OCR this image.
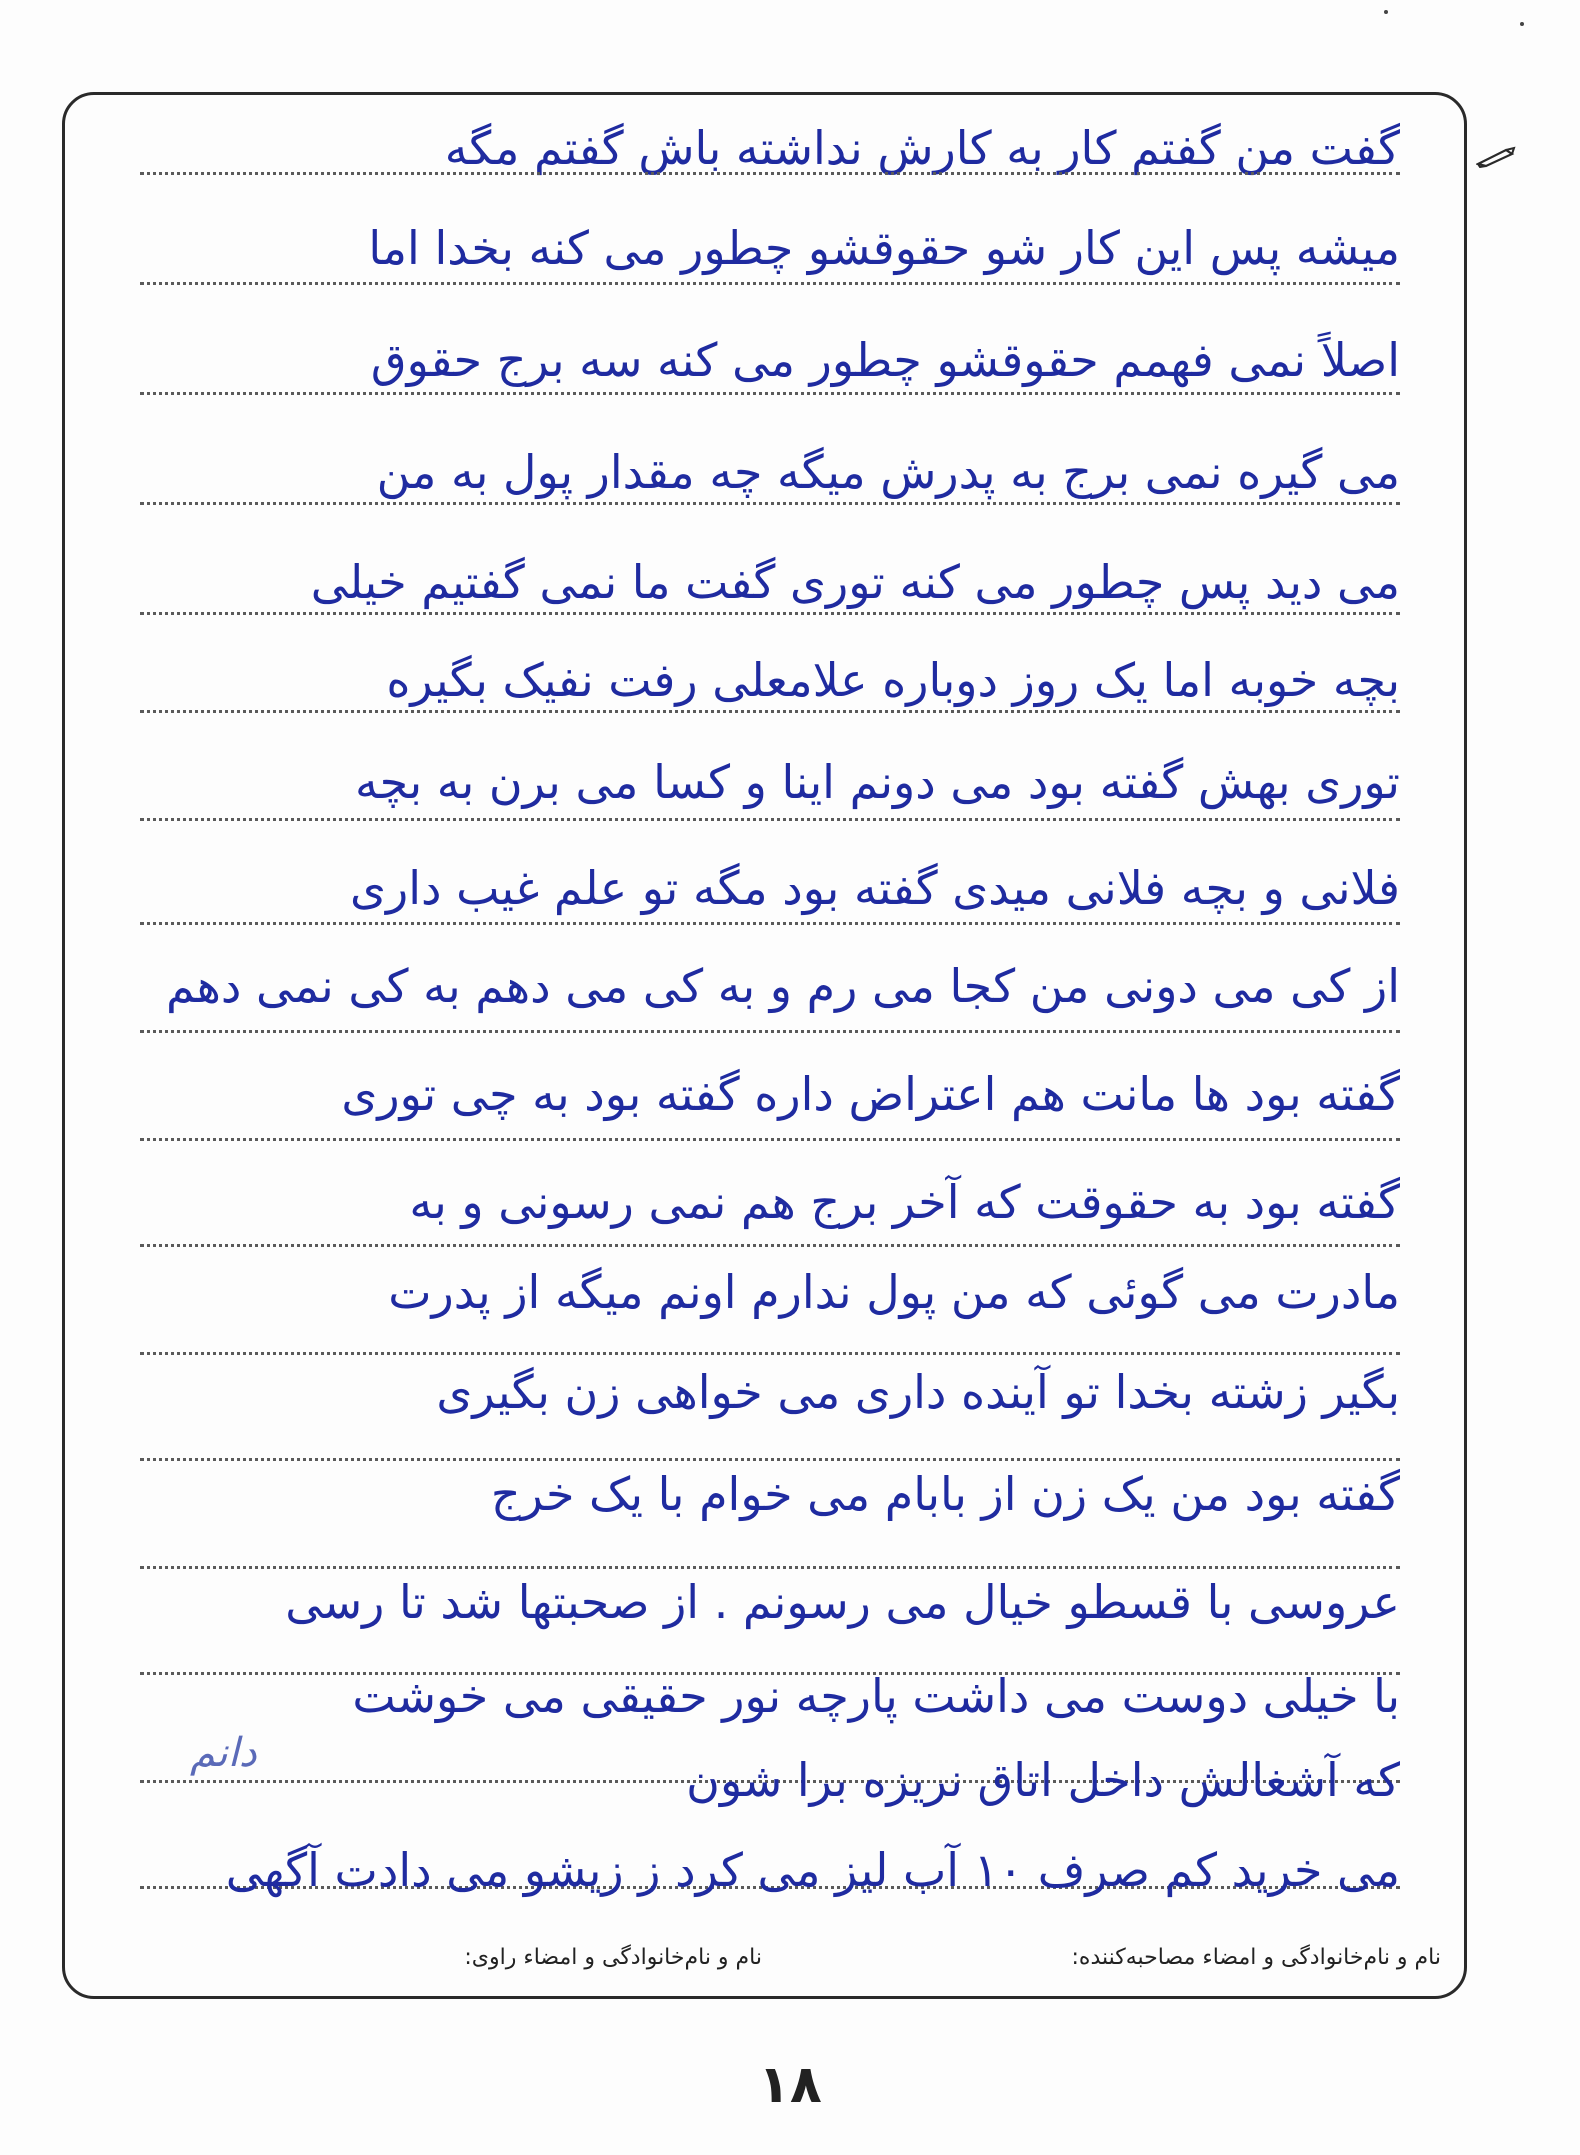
گفت من گفتم کار به کارش نداشته باش گفتم مگه
میشه پس این کار شو حقوقشو چطور می کنه بخدا اما
اصلاً نمی فهمم حقوقشو چطور می کنه سه برج حقوق
می گیره نمی برج به پدرش میگه چه مقدار پول به من
می دید پس چطور می کنه توری گفت ما نمی گفتیم خیلی
بچه خوبه اما یک روز دوباره علامعلی رفت نفیک بگیره
توری بهش گفته بود می دونم اینا و کسا می برن به بچه
فلانی و بچه فلانی میدی گفته بود مگه تو علم غیب داری
از کی می دونی من کجا می رم و به کی می دهم به کی نمی دهم
گفته بود ها مانت هم اعتراض داره گفته بود به چی توری
گفته بود به حقوقت که آخر برج هم نمی رسونی و به
مادرت می گوئی که من پول ندارم اونم میگه از پدرت
بگیر زشته بخدا تو آینده داری می خواهی زن بگیری
گفته بود من یک زن از بابام می خوام با یک خرج
عروسی با قسطو خیال می رسونم . از صحبتها شد تا رسی
با خیلی دوست می داشت پارچه نور حقیقی می خوشت
که آشغالش داخل اتاق نریزه برا شون
می خرید کم صرف ۱۰ آب لیز می کرد ز زیشو می دادت آگهی
دانم
نام و نام‌خانوادگی و امضاء مصاحبه‌کننده:
نام و نام‌خانوادگی و امضاء راوی:
۱۸
